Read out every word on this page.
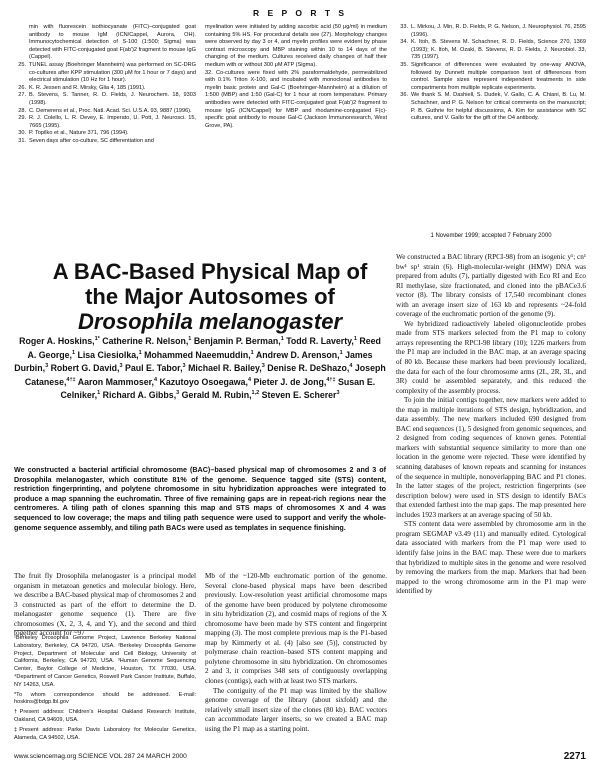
R E P O R T S

min with fluorescein isothiocyanate (FITC)–conjugated goat antibody to mouse IgM (ICN/Cappel, Aurora, OH). Immunocytochemical detection of S-100 (1:500; Sigma) was detected with FITC-conjugated goat F(ab′)2 fragment to mouse IgG (Cappel).

25. TUNEL assay (Boehringer Mannheim) was performed on SC-DRG co-cultures after KPP stimulation (300 μM for 1 hour or 7 days) and electrical stimulation (10 Hz for 1 hour).
26. K. R. Jessen and R. Mirsky, Glia 4, 185 (1991).
27. B. Stevens, S. Tanner, R. D. Fields, J. Neurochem. 18, 9303 (1998).
28. C. Demerens et al., Proc. Natl. Acad. Sci. U.S.A. 93, 9887 (1996).
29. R. J. Colello, L. R. Devey, E. Imperato, U. Pott, J. Neurosci. 15, 7665 (1995).
30. P. Topilko et al., Nature 371, 796 (1994).
31. Seven days after co-culture, SC differentiation and

myelination were initiated by adding ascorbic acid (50 μg/ml) in medium containing 5% HS. For procedural details see (27). Morphology changes were observed by day 3 or 4, and myelin profiles were evident by phase contrast microscopy and MBP staining within 10 to 14 days of the changing of the medium. Cultures received daily changes of half their medium with or without 300 μM ATP (Sigma).

32. Co-cultures were fixed with 2% paraformaldehyde, permeabilized with 0.1% Triton X-100, and incubated with monoclonal antibodies to myelin basic protein and Gal-C (Boehringer-Mannheim) at a dilution of 1:500 (MBP) and 1:50 (Gal-C) for 1 hour at room temperature. Primary antibodies were detected with FITC-conjugated goat F(ab′)2 fragment to mouse IgG (ICN/Cappel) for MBP and rhodamine-conjugated F(c)-specific goat antibody to mouse Gal-C (Jackson Immunoresearch, West Grove, PA).

33. L. Mirkou, J. Min, R. D. Fields, P. G. Nelson, J. Neurophysiol. 76, 2595 (1996).
34. K. Itoh, B. Stevens M. Schachner, R. D. Fields, Science 270, 1369 (1993); K. Itoh, M. Ozaki, B. Stevens, R. D. Fields, J. Neurobiol. 33, 735 (1997).
35. Significance of differences were evaluated by one-way ANOVA, followed by Dunnett multiple comparison test of differences from control. Sample sizes represent independent treatments in side compartments from multiple replicate experiments.
36. We thank S. M. Dashiell, S. Dudek, V. Gallo, C. A. Chiani, B. Lu, M. Schachner, and P. G. Nelson for critical comments on the manuscript; P. B. Guthrie for helpful discussions, A. Kim for assistance with SC cultures, and V. Gallo for the gift of the O4 antibody.
1 November 1999; accepted 7 February 2000
A BAC-Based Physical Map of
the Major Autosomes of
Drosophila melanogaster
Roger A. Hoskins,$^{1*}$ Catherine R. Nelson,$^1$ Benjamin P. Berman,$^1$ Todd R. Laverty,$^1$ Reed A. George,$^1$ Lisa Ciesiolka,$^1$ Mohammed Naeemuddin,$^1$ Andrew D. Arenson,$^1$ James Durbin,$^3$ Robert G. David,$^3$ Paul E. Tabor,$^3$ Michael R. Bailey,$^3$ Denise R. DeShazo,$^4$ Joseph Catanese,$^{4\dagger\ddagger}$ Aaron Mammoser,$^4$ Kazutoyo Osoegawa,$^4$ Pieter J. de Jong,$^{4\dagger\ddagger}$ Susan E. Celniker,$^1$ Richard A. Gibbs,$^3$ Gerald M. Rubin,$^{1,2}$ Steven E. Scherer$^3$
We constructed a bacterial artificial chromosome (BAC)–based physical map of chromosomes 2 and 3 of Drosophila melanogaster, which constitute 81% of the genome. Sequence tagged site (STS) content, restriction fingerprinting, and polytene chromosome in situ hybridization approaches were integrated to produce a map spanning the euchromatin. Three of five remaining gaps are in repeat-rich regions near the centromeres. A tiling path of clones spanning this map and STS maps of chromosomes X and 4 was sequenced to low coverage; the maps and tiling path sequence were used to support and verify the whole-genome sequence assembly, and tiling path BACs were used as templates in sequence finishing.

The fruit fly Drosophila melanogaster is a principal model organism in metazoan genetics and molecular biology. Here, we describe a BAC-based physical map of chromosomes 2 and 3 constructed as part of the effort to determine the D. melanogaster genome sequence (1). There are five chromosomes (X, 2, 3, 4, and Y), and the second and third together account for ~97

¹Berkeley Drosophila Genome Project, Lawrence Berkeley National Laboratory, Berkeley, CA 94720, USA. ²Berkeley Drosophila Genome Project, Department of Molecular and Cell Biology, University of California, Berkeley, CA 94720, USA. ³Human Genome Sequencing Center, Baylor College of Medicine, Houston, TX 77030, USA. ⁴Department of Cancer Genetics, Roswell Park Cancer Institute, Buffalo, NY 14263, USA.

*To whom correspondence should be addressed. E-mail: hoskins@bdgp.lbl.gov

†Present address: Children's Hospital Oakland Research Institute, Oakland, CA 94609, USA.

‡Present address: Parke Davis Laboratory for Molecular Genetics, Alameda, CA 94502, USA.

Mb of the ~120-Mb euchromatic portion of the genome. Several clone-based physical maps have been described previously. Low-resolution yeast artificial chromosome maps of the genome have been produced by polytene chromosome in situ hybridization (2), and cosmid maps of regions of the X chromosome have been made by STS content and fingerprint mapping (3). The most complete previous map is the P1-based map by Kimmerly et al. (4) [also see (5)], constructed by polymerase chain reaction–based STS content mapping and polytene chromosome in situ hybridization. On chromosomes 2 and 3, it comprises 348 sets of contiguously overlapping clones (contigs), each with at least two STS markers.

The contiguity of the P1 map was limited by the shallow genome coverage of the library (about sixfold) and the relatively small insert size of the clones (80 kb). BAC vectors can accommodate larger inserts, so we created a BAC map using the P1 map as a starting point.

We constructed a BAC library (RPCI-98) from an isogenic y¹; cn¹ bw¹ sp¹ strain (6). High-molecular-weight (HMW) DNA was prepared from adults (7), partially digested with Eco RI and Eco RI methylase, size fractionated, and cloned into the pBACe3.6 vector (8). The library consists of 17,540 recombinant clones with an average insert size of 163 kb and represents ~24-fold coverage of the euchromatic portion of the genome (9).

We hybridized radioactively labeled oligonucleotide probes made from STS markers selected from the P1 map to colony arrays representing the RPCI-98 library (10); 1226 markers from the P1 map are included in the BAC map, at an average spacing of 80 kb. Because these markers had been previously localized, the data for each of the four chromosome arms (2L, 2R, 3L, and 3R) could be assembled separately, and this reduced the complexity of the assembly process.

To join the initial contigs together, new markers were added to the map in multiple iterations of STS design, hybridization, and data assembly. The new markers included 690 designed from BAC end sequences (1), 5 designed from genomic sequences, and 2 designed from coding sequences of known genes. Potential markers with substantial sequence similarity to more than one location in the genome were rejected. These were identified by scanning databases of known repeats and scanning for instances of the sequence in multiple, nonoverlapping BAC and P1 clones. In the latter stages of the project, restriction fingerprints (see description below) were used in STS design to identify BACs that extended farthest into the map gaps. The map presented here includes 1923 markers at an average spacing of 50 kb.

STS content data were assembled by chromosome arm in the program SEGMAP v3.49 (11) and manually edited. Cytological data associated with markers from the P1 map were used to identify false joins in the BAC map. These were due to markers that hybridized to multiple sites in the genome and were resolved by removing the markers from the map. Markers that had been mapped to the wrong chromosome arm in the P1 map were identified by

www.sciencemag.org SCIENCE VOL 287 24 MARCH 2000	2271
